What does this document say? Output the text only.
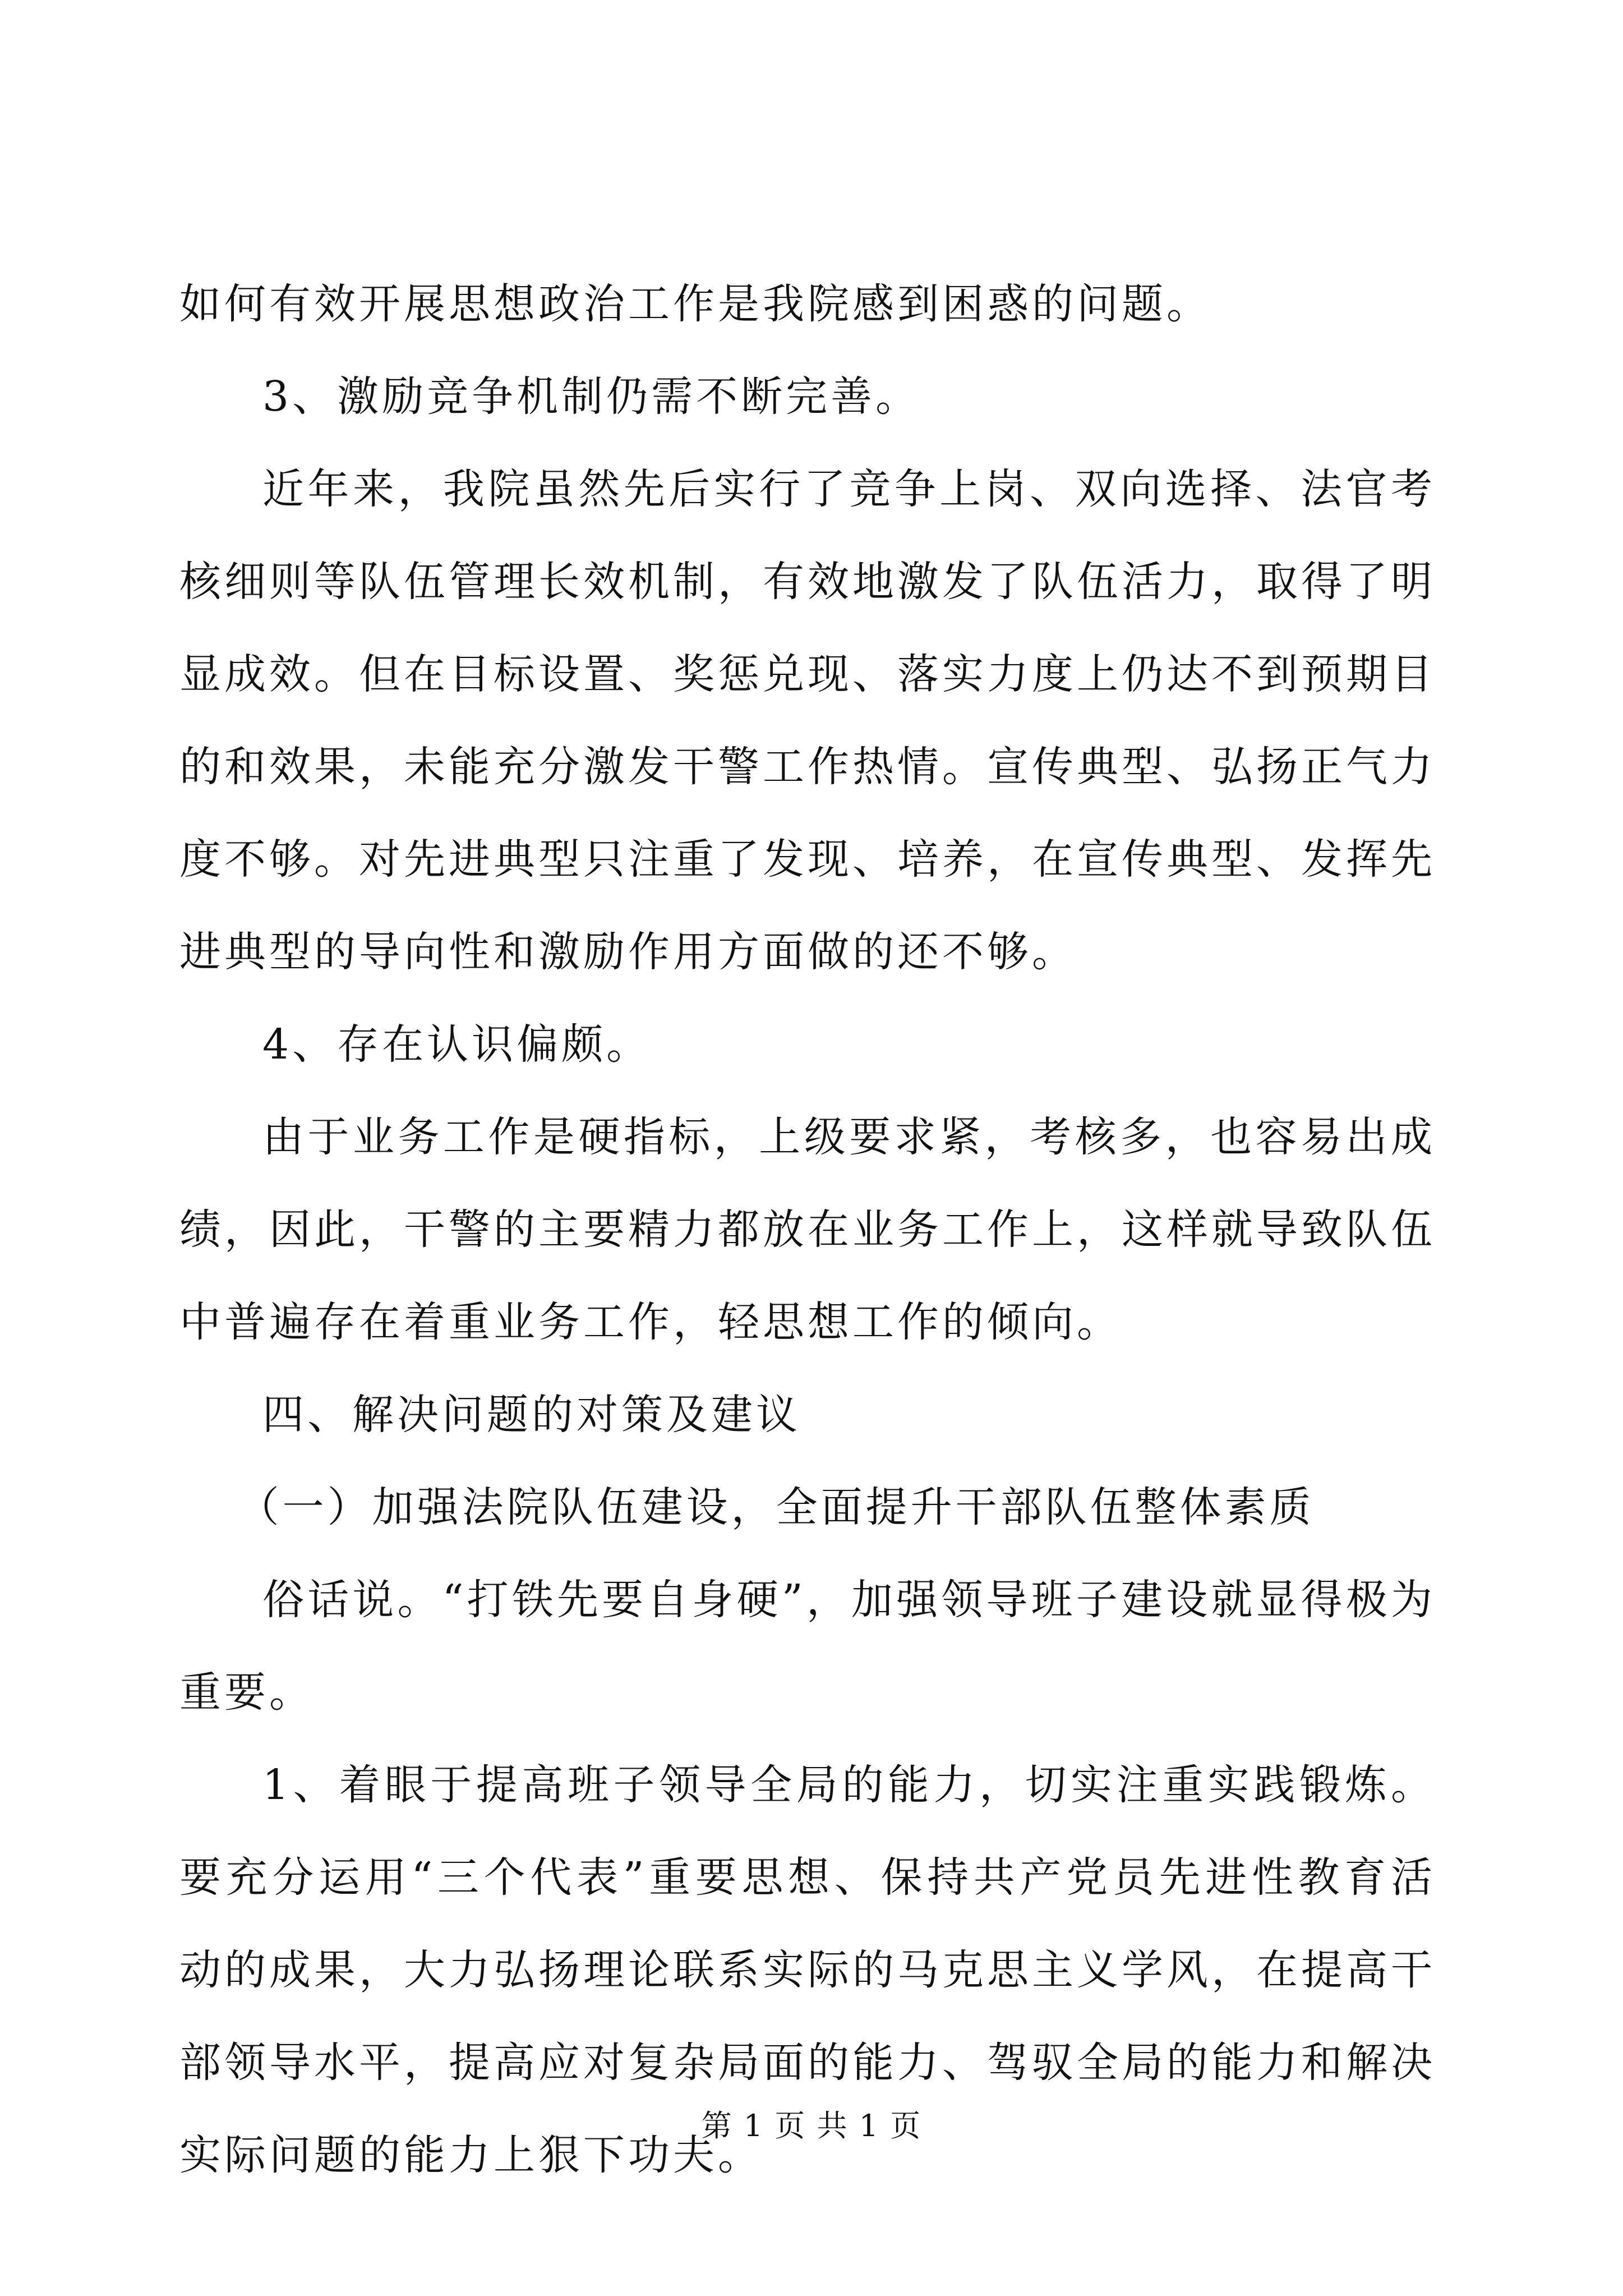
如何有效开展思想政治工作是我院感到困惑的问题。

3、激励竞争机制仍需不断完善。

近年来，我院虽然先后实行了竞争上岗、双向选择、法官考核细则等队伍管理长效机制，有效地激发了队伍活力，取得了明显成效。但在目标设置、奖惩兑现、落实力度上仍达不到预期目的和效果，未能充分激发干警工作热情。宣传典型、弘扬正气力度不够。对先进典型只注重了发现、培养，在宣传典型、发挥先进典型的导向性和激励作用方面做的还不够。

4、存在认识偏颇。

由于业务工作是硬指标，上级要求紧，考核多，也容易出成绩，因此，干警的主要精力都放在业务工作上，这样就导致队伍中普遍存在着重业务工作，轻思想工作的倾向。

四、解决问题的对策及建议

（一）加强法院队伍建设，全面提升干部队伍整体素质

俗话说。“打铁先要自身硬”，加强领导班子建设就显得极为重要。

1、着眼于提高班子领导全局的能力，切实注重实践锻炼。要充分运用“三个代表”重要思想、保持共产党员先进性教育活动的成果，大力弘扬理论联系实际的马克思主义学风，在提高干部领导水平，提高应对复杂局面的能力、驾驭全局的能力和解决实际问题的能力上狠下功夫。

第 1 页 共 1 页
